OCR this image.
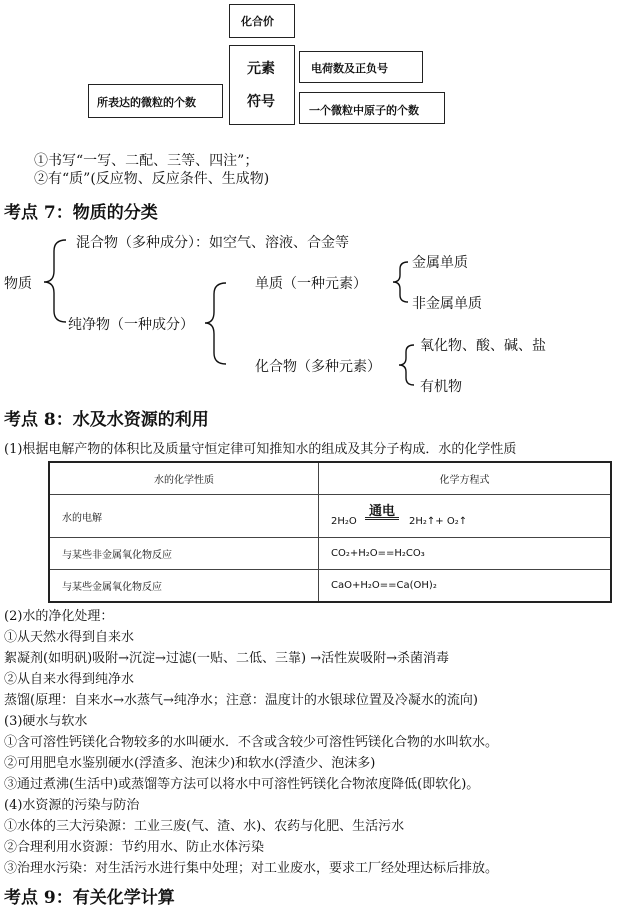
化合价
元素
符号
所表达的微粒的个数
电荷数及正负号
一个微粒中原子的个数
①书写“一写、二配、三等、四注”；
②有“质”(反应物、反应条件、生成物)
考点 7：物质的分类
混合物（多种成分）：如空气、溶液、合金等
物质	单质（一种元素）
金属单质
非金属单质
纯净物（一种成分）
氧化物、酸、碱、盐
化合物（多种元素）
有机物
考点 8：水及水资源的利用
(1)根据电解产物的体积比及质量守恒定律可知推知水的组成及其分子构成．水的化学性质
水的化学性质	化学方程式
水的电解	2H₂O
通电
2H₂↑+ O₂↑

与某些非金属氧化物反应	CO₂+H₂O==H₂CO₃
与某些金属氧化物反应	CaO+H₂O==Ca(OH)₂
(2)水的净化处理：
①从天然水得到自来水
絮凝剂(如明矾)吸附→沉淀→过滤(一贴、二低、三靠) →活性炭吸附→杀菌消毒
②从自来水得到纯净水
蒸馏(原理：自来水→水蒸气→纯净水；注意：温度计的水银球位置及冷凝水的流向)
(3)硬水与软水
①含可溶性钙镁化合物较多的水叫硬水．不含或含较少可溶性钙镁化合物的水叫软水。
②可用肥皂水鉴别硬水(浮渣多、泡沫少)和软水(浮渣少、泡沫多)
③通过煮沸(生活中)或蒸馏等方法可以将水中可溶性钙镁化合物浓度降低(即软化)。
(4)水资源的污染与防治
①水体的三大污染源：工业三废(气、渣、水)、农药与化肥、生活污水
②合理利用水资源：节约用水、防止水体污染
③治理水污染：对生活污水进行集中处理；对工业废水，要求工厂经处理达标后排放。
考点 9：有关化学计算
